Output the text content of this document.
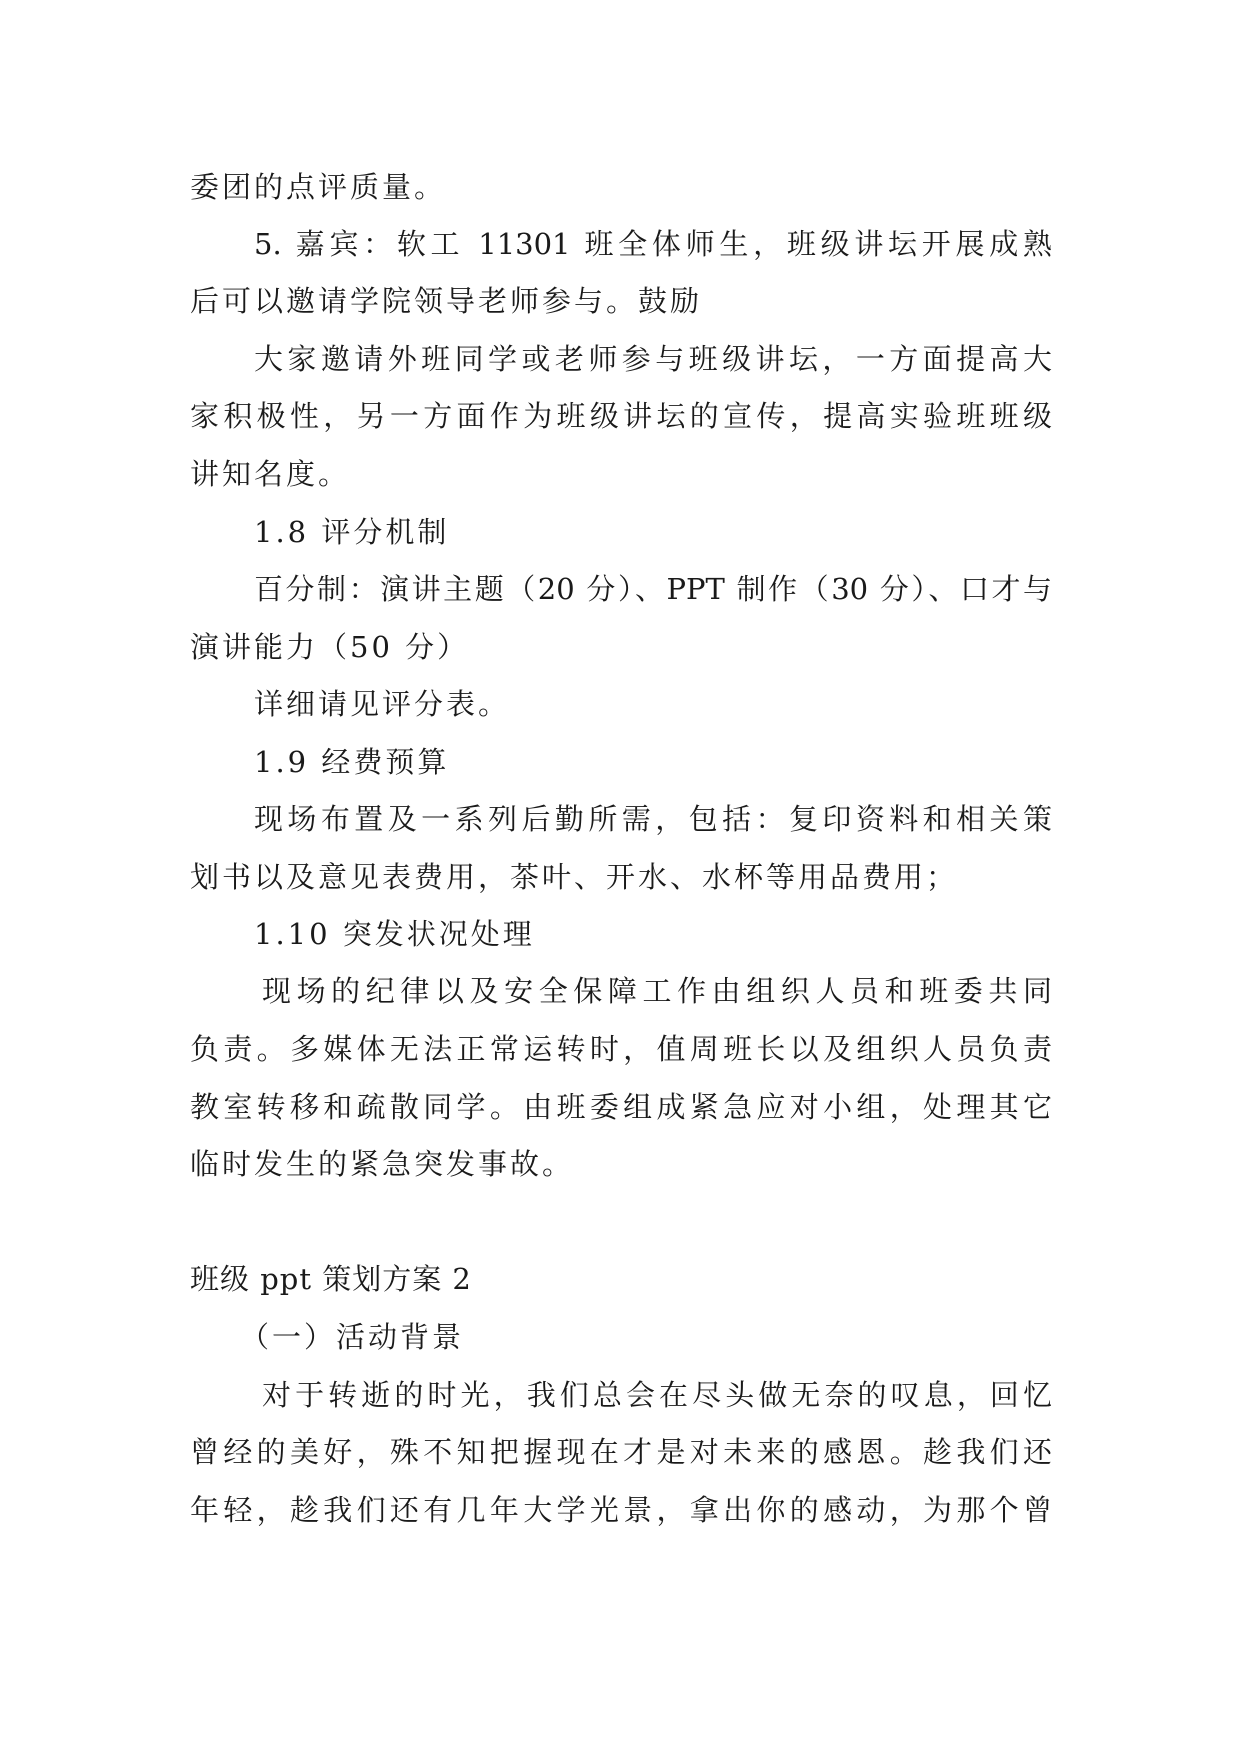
委团的点评质量。
5. 嘉宾：软工 11301 班全体师生，班级讲坛开展成熟
后可以邀请学院领导老师参与。鼓励
大家邀请外班同学或老师参与班级讲坛，一方面提高大
家积极性，另一方面作为班级讲坛的宣传，提高实验班班级
讲知名度。
1.8 评分机制
百分制：演讲主题（20 分）、PPT 制作（30 分）、口才与
演讲能力（50 分）
详细请见评分表。
1.9 经费预算
现场布置及一系列后勤所需，包括：复印资料和相关策
划书以及意见表费用，茶叶、开水、水杯等用品费用；
1.10 突发状况处理
现场的纪律以及安全保障工作由组织人员和班委共同
负责。多媒体无法正常运转时，值周班长以及组织人员负责
教室转移和疏散同学。由班委组成紧急应对小组，处理其它
临时发生的紧急突发事故。
班级 ppt 策划方案 2
（一）活动背景
对于转逝的时光，我们总会在尽头做无奈的叹息，回忆
曾经的美好，殊不知把握现在才是对未来的感恩。趁我们还
年轻，趁我们还有几年大学光景，拿出你的感动，为那个曾
